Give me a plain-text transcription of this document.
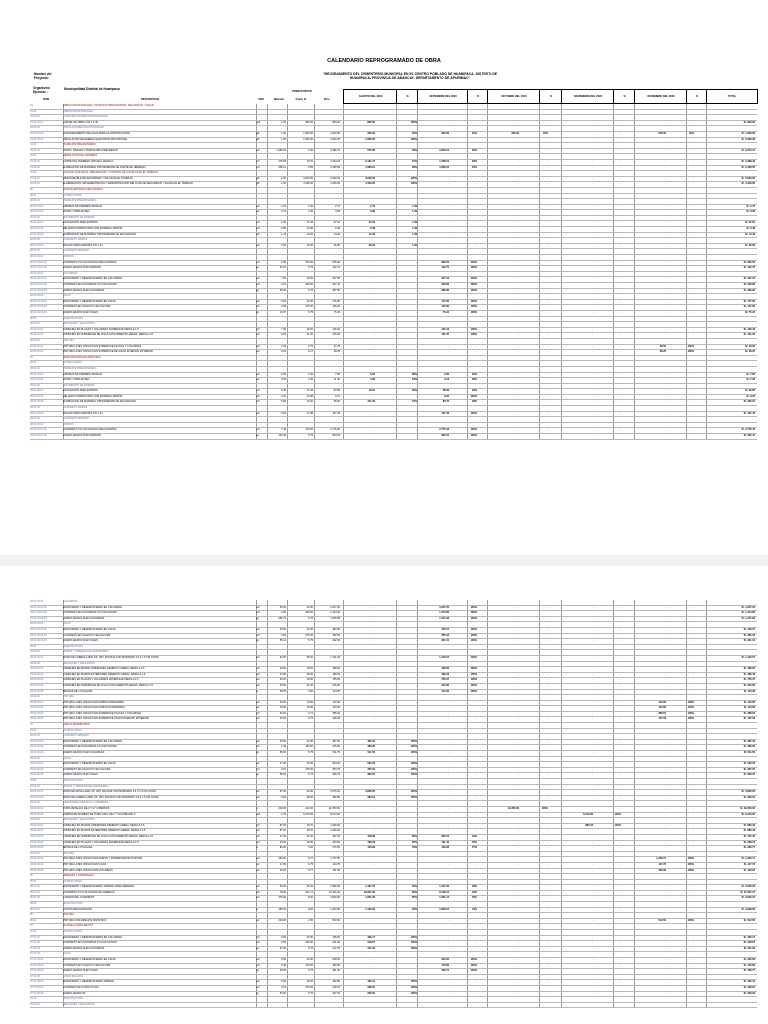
CALENDARIO REPROGRAMADO DE OBRA
Nombre del Proyecto:
Organismo Ejecutor :
Municipalidad Distrital de Huanipaca
"MEJORAMIENTO DEL CEMENTERIO MUNICIPAL EN EL CENTRO POBLADO DE HUANIPACA- DISTRITO DE
HUANIPACA- PROVINCIA DE ABANCAY- DEPARTAMENTO DE APURÍMAC"
ITEM	DESCRIPCION	UND
PRESUPUESTO
Metrado	P.unit. S/	Parc.
AGOSTO DEL 2023	%	SETIEMBRE DEL 2023	%	OCTUBRE DEL 2023	%	NOVIEMBRE DEL 2023	%	DICIEMBRE DEL 2023	%	TOTAL
01	OBRAS PROVISIONALES, TRABAJOS PRELIMINARES, SEGURIDAD Y SALUD
01.01	OBRAS PROVISIONALES
01.01.01	CONSTRUCCIONES PROVISIONALES
01.01.01.01	CARTEL DE OBRA 3.60 X 2.40	und	1.00	860.00	860.00	860.00	100%	-	-	-	-	-	-	-	-	S/. 860.00
01.01.02	INSTALACIONES PROVISIONALES
01.01.02.01	ALMACENAMIENTO DE AGUA PARA LA CONSTRUCCION	glb	1.00	1,600.00	1,600.00	320.00	20%	320.00	20%	320.00	20%	-	-	640.00	40%	S/. 1,600.00
01.01.02.02	INSTALACION DE ENERGIA ELECTRICA PROVISIONAL	glb	1.00	2,300.00	2,300.00	2,300.00	100%	-	-	-	-	-	-	-	-	S/. 2,300.00
01.02	TRABAJOS PRELIMINARES
01.02.01	TRAZO, NIVELES Y REPLANTEO PRELIMINAR	m2	1,682.52	1.90	3,196.79	575.68	18%	2,304.15	60%	-	-	-	-	-	-	S/. 3,374.12
01.03	DEMOLICION DEL TERRENO
01.03.01	CORTE DEL TERRENO NATURAL MANUAL	m3	276.69	15.70	4,344.03	3,131.27	72%	1,208.51	28%	-	-	-	-	-	-	S/. 4,388.46
01.03.02	ELIMINACION DE MATERIAL PROVENIENTE DE CORTE DE TERRENO	m3	359.01	9.55	3,428.55	1,666.61	48%	1,809.15	52%	-	-	-	-	-	-	S/. 3,428.55
01.04	PLAN DE VIGILANCIA, PREVENCION Y CONTROL DE COVID-19 EN EL TRABAJO
01.04.01	RESPONSABLE DE SEGURIDAD Y SALUD EN EL TRABAJO	glb	1.00	3,000.00	3,000.00	3,000.00	100%	-	-	-	-	-	-	-	-	S/. 3,000.00
01.04.02	ELABORACION, IMPLEMENTACION Y ADMINISTRACION DEL PLAN DE SEGURIDAD Y SALUD EN EL TRABAJO	glb	1.00	4,446.00	4,446.00	4,446.00	100%	-	-	-	-	-	-	-	-	S/. 4,446.00
02	MOD DE ENTRADA SECUNDARIO
02.01	ESTRUCTURAS
02.01.01	TRABAJOS PRELIMINARES
02.01.01.01	LIMPIEZA DE TERRENO MANUAL	m2	2.10	1.30	2.73	2.73	1.00	-	-	-	-	-	-	-	-	S/. 2.73
02.01.01.02	TRAZO Y REPLANTEO	m2	2.10	1.90	3.99	3.99	1.00	-	-	-	-	-	-	-	-	S/. 3.99
02.01.02	MOVIMIENTO DE TIERRAS
02.01.02.01	EXCAVACION PARA ZAPATAS	m3	1.60	17.38	27.81	27.81	1.00	-	-	-	-	-	-	-	-	S/. 27.81
02.01.02.02	RELLENO COMPACTADO CON MATERIAL PROPIO	m3	0.50	12.96	6.48	6.48	1.00	-	-	-	-	-	-	-	-	S/. 6.48
02.01.02.03	ELIMINACION DE MATERIAL PROVENIENTE DE EXCAVACION	m3	1.44	10.00	14.40	14.40	1.00	-	-	-	-	-	-	-	-	S/. 14.40
02.01.03	CONCRETO SIMPLE
02.01.03.01	SOLADO PARA ZAPATAS C/H 1:10	m2	2.00	33.00	66.00	66.00	1.00	-	-	-	-	-	-	-	-	S/. 66.00
02.01.04	CONCRETO ARMADO
02.01.04.01	ZAPATAS
02.01.04.01.01	CONCRETO F'C=210 KG/CM2 PARA ZAPATAS	m3	1.80	375.00	675.00	-	-	680.50	100%	-	-	-	-	-	-	S/. 680.50
02.01.04.01.02	ACERO GRADO 60 EN ZAPATAS	kg	23.01	5.75	132.31	-	-	132.75	100%	-	-	-	-	-	-	S/. 132.75
02.01.04.02	COLUMNAS
02.01.04.02.01	ENCOFRADO Y DESENCOFRADO EN COLUMNAS	m2	7.00	32.50	227.50	-	-	227.34	100%	-	-	-	-	-	-	S/. 227.34
02.01.04.02.02	CONCRETO EN COLUMNAS F'C=210 KG/CM2	m3	0.61	340.00	207.40	-	-	209.89	100%	-	-	-	-	-	-	S/. 209.89
02.01.04.02.03	ACERO GRADO 60 EN COLUMNAS	kg	50.00	5.75	287.50	-	-	286.90	100%	-	-	-	-	-	-	S/. 286.90
02.01.04.03	VIGAS
02.01.04.03.01	ENCOFRADO Y DESENCOFRADO EN VIGAS	m2	5.50	32.00	176.00	-	-	177.65	100%	-	-	-	-	-	-	S/. 177.65
02.01.04.03.02	CONCRETO EN VIGAS F'C=210 KG/CM2	m3	0.39	375.00	146.25	-	-	147.85	100%	-	-	-	-	-	-	S/. 147.85
02.01.04.03.03	ACERO GRADO 60 EN VIGAS	kg	13.07	5.75	75.15	-	-	75.22	100%	-	-	-	-	-	-	S/. 75.22
02.02	ARQUITECTURA
02.02.01	REVOQUES Y ENLUCIDOS
02.02.01.01	TARRAJEO EN PLACAS Y COLUMNAS SUPERFICIE MEZCLA 1:5	m2	7.00	18.00	126.00	-	-	126.43	100%	-	-	-	-	-	-	S/. 126.43
02.02.01.02	TARRAJEO EN SUPERFICIE DE VIGAS CON CEMENTO-ARENA, MEZCLA 1:5	m2	6.20	21.00	130.20	-	-	131.25	100%	-	-	-	-	-	-	S/. 131.25
02.02.02	PINTURA
02.02.02.01	PINTURA LATEX VINILICO EN SUPERFICIE PLACAS Y COLUMNAS	m2	7.00	6.75	47.25	-	-	-	-	-	-	-	-	48.50	100%	S/. 48.50
02.02.02.02	PINTURA LATEX VINILICO EN SUPERFICIE DE VIGAS INTERIOR, EXTERIOR	m2	6.20	6.17	38.25	-	-	-	-	-	-	-	-	38.25	100%	S/. 38.25
03	MURO DE ENTRADA PRINCIPAL
03.01	ESTRUCTURAS
03.01.01	TRABAJOS PRELIMINARES
03.01.01.01	LIMPIEZA DE TERRENO MANUAL	m2	6.00	1.30	7.80	5.52	68%	2.60	32%	-	-	-	-	-	-	S/. 7.80
03.01.01.02	TRAZO Y REPLANTEO	m2	6.00	1.90	11.40	4.65	61%	2.18	39%	-	-	-	-	-	-	S/. 7.28
03.01.02	MOVIMIENTO DE TIERRAS
03.01.02.01	EXCAVACION PARA ZAPATAS	m3	5.40	17.38	93.85	18.91	36%	38.66	64%	-	-	-	-	-	-	S/. 93.85
03.01.02.02	RELLENO COMPACTADO CON MATERIAL PROPIO	m3	0.70	12.96	9.07	-	-	9.25	100%	-	-	-	-	-	-	S/. 9.25
03.01.02.03	ELIMINACION DE MATERIAL PROVENIENTE DE EXCAVACION	m3	5.84	10.00	58.40	211.29	72%	80.72	28%	-	-	-	-	-	-	S/. 292.01
03.01.03	CONCRETO SIMPLE
03.01.03.01	SOLADO PARA ZAPATAS C/H 1:10	m2	6.00	17.88	107.28	-	-	107.43	100%	-	-	-	-	-	-	S/. 107.43
03.01.04	CONCRETO ARMADO
03.01.04.01	ZAPATAS
03.01.04.01.01	CONCRETO F'C=210 KG/CM2 PARA ZAPATAS	m3	7.40	375.00	2,775.00	-	-	2,775.43	100%	-	-	-	-	-	-	S/. 2,775.43
03.01.04.01.02	ACERO GRADO 60 EN ZAPATAS	kg	115.45	5.75	663.84	-	-	665.41	100%	-	-	-	-	-	-	S/. 665.41
03.01.04.02	COLUMNAS
03.01.04.02.01	ENCOFRADO Y DESENCOFRADO EN COLUMNAS	m2	56.00	32.50	1,817.00	-	-	1,817.25	100%	-	-	-	-	-	-	S/. 1,817.25
03.01.04.02.02	CONCRETO EN COLUMNAS F'C=210 KG/CM2	m3	3.60	340.00	1,224.00	-	-	1,474.85	100%	-	-	-	-	-	-	S/. 1,474.85
03.01.04.02.03	ACERO GRADO 60 EN COLUMNAS	kg	282.71	5.75	1,625.58	-	-	1,471.83	100%	-	-	-	-	-	-	S/. 1,471.83
03.01.04.03	VIGAS
03.01.04.03.01	ENCOFRADO Y DESENCOFRADO EN VIGAS	m2	15.00	32.00	480.00	-	-	479.27	100%	-	-	-	-	-	-	S/. 479.27
03.01.04.03.02	CONCRETO EN VIGAS F'C=210 KG/CM2	m3	0.94	375.00	352.50	-	-	355.34	100%	-	-	-	-	-	-	S/. 355.34
03.01.04.03.03	ACERO GRADO 60 EN VIGAS	kg	56.11	5.75	322.63	-	-	321.10	100%	-	-	-	-	-	-	S/. 321.10
03.02	ARQUITECTURA
03.02.01	MUROS Y TABIQUES DE ALBAÑILERIA
03.02.01.01	MURO DE CABEZA LADR. KK. 18H. 9X13X24 CON MORTERO 1:5 X 1.5 CM JUNTA	m2	32.60	35.00	1,141.00	-	-	1,140.57	100%	-	-	-	-	-	-	S/. 1,140.57
03.02.02	REVOQUES Y ENLUCIDOS
03.02.02.01	TARRAJEO EN MUROS INTERIORES CEMENTO-ARENA, MEZCLA 1:5	m2	10.50	18.00	189.00	-	-	189.65	100%	-	-	-	-	-	-	S/. 189.65
03.02.02.02	TARRAJEO EN MUROS EXTERIORES CEMENTO-ARENA, MEZCLA 1:5	m2	10.50	18.00	189.00	-	-	189.43	100%	-	-	-	-	-	-	S/. 189.43
03.02.02.03	TARRAJEO EN PLACAS Y COLUMNAS SUPERFICIE MEZCLA 1:5	m2	40.00	18.90	756.00	-	-	755.37	100%	-	-	-	-	-	-	S/. 755.37
03.02.02.04	TARRAJEO EN SUPERFICIE DE VIGAS CON CEMENTO-ARENA, MEZCLA 1:5	m2	15.00	21.00	315.00	-	-	315.95	100%	-	-	-	-	-	-	S/. 315.95
03.02.02.05	BRUÑAS DE 1 PULGADA	m	38.00	3.00	114.00	-	-	114.00	100%	-	-	-	-	-	-	S/. 114.00
03.02.03	PINTURA
03.02.03.01	PINTURA LATEX VINILICO EN MUROS INTERIORES	m2	10.50	10.80	113.40	-	-	-	-	-	-	-	-	113.66	100%	S/. 113.66
03.02.03.02	PINTURA LATEX VINILICO EN MUROS EXTERIORES	m2	10.50	10.80	113.40	-	-	-	-	-	-	-	-	113.66	100%	S/. 113.66
03.02.03.03	PINTURA LATEX VINILICO EN SUPERFICIE PLACAS Y COLUMNAS	m2	40.00	9.71	388.40	-	-	-	-	-	-	-	-	388.54	100%	S/. 388.54
03.02.03.04	PINTURA LATEX VINILICO EN SUPERFICIE VIGAS INTERIOR, EXTERIOR	m2	15.00	9.75	146.25	-	-	-	-	-	-	-	-	147.03	100%	S/. 147.03
04	CERCO PERIMETRICO
04.01	ESTRUCTURAS
04.01.01	CONCRETO ARMADO
04.01.01.01	ENCOFRADO Y DESENCOFRADO EN COLUMNAS	m2	15.00	32.50	487.50	487.34	100%	-	-	-	-	-	-	-	-	S/. 487.34
04.01.01.02	CONCRETO EN COLUMNAS F'C=210 KG/CM2	m3	1.40	340.00	476.00	480.00	100%	-	-	-	-	-	-	-	-	S/. 480.00
04.01.01.03	ACERO GRADO 60 EN COLUMNAS	kg	89.00	5.75	511.75	511.50	100%	-	-	-	-	-	-	-	-	S/. 511.50
04.01.02	VIGAS
04.01.02.01	ENCOFRADO Y DESENCOFRADO EN VIGAS	m2	17.00	32.00	544.00	533.78	100%	-	-	-	-	-	-	-	-	S/. 533.78
04.01.02.02	CONCRETO EN VIGAS F'C=210 KG/CM2	m3	0.81	375.00	303.75	307.97	100%	-	-	-	-	-	-	-	-	S/. 307.97
04.01.02.03	ACERO GRADO 60 EN VIGAS	kg	69.00	5.75	396.75	390.37	100%	-	-	-	-	-	-	-	-	S/. 390.37
04.02	ARQUITECTURA
04.02.01	MUROS Y TABIQUES DE ALBAÑILERIA
04.02.01.01	MURO DE SOGA LADR. KK. 18H. 9X13X24 CON MORTERO 1:5 X 1.5 CM JUNTA	m2	87.00	52.60	4,576.20	4,605.25	100%	-	-	-	-	-	-	-	-	S/. 4,605.25
04.02.01.02	MURO DE CABEZA LADR. KK. 18H. 9X13X24 CON MORTERO 1:5 X 1.5 CM JUNTA	m2	5.60	68.00	380.80	384.61	100%	-	-	-	-	-	-	-	-	S/. 384.61
04.02.02	CARPINTERIA METALICA Y HERRERIA
04.02.02.01	TUBO METALICO DE 4" X 4" C/PERNOS	m	200.00	212.00	42,350.00	-	-	-	-	42,350.00	100%	-	-	-	-	S/. 42,350.00
04.02.02.02	PUERTA DE INGRESO DE TUBO GALV. DE 2" Y PLATINA DE 1"	und	1.00	8,213.00	8,213.00	-	-	-	-	-	-	8,213.00	100%	-	-	S/. 8,213.00
04.02.03	REVOQUES Y ENLUCIDOS
04.02.03.01	TARRAJEO EN MUROS INTERIORES CEMENTO-ARENA, MEZCLA 1:5	m2	87.00	18.70	1,626.90	-	-	-	-	-	-	880.43	100%	-	-	S/. 880.43
04.02.03.02	TARRAJEO EN MUROS EXTERIORES CEMENTO-ARENA, MEZCLA 1:5	m2	87.00	18.70	1,626.90	-	-	-	-	-	-	-	-	-	-	S/. 880.43
04.02.03.03	TARRAJEO EN SUPERFICIE DE VIGAS CON CEMENTO-ARENA, MEZCLA 1:5	m2	17.00	21.00	357.00	418.98	58%	308.47	42%	-	-	-	-	-	-	S/. 727.45
04.02.03.04	TARRAJEO EN PLACAS Y COLUMNAS SUPERFICIE MEZCLA 1:5	m2	15.00	18.90	283.50	158.29	55%	131.43	45%	-	-	-	-	-	-	S/. 289.72
04.02.03.05	BRUÑAS DE 1 PULGADA	m	90.00	3.00	270.00	123.69	43%	160.08	57%	-	-	-	-	-	-	S/. 283.77
04.02.04	PINTURA
04.02.04.01	PINTURA LATEX VINILICO EN MUROS Y SUPERFICIE DE FACHADA	m2	180.00	9.71	1,747.80	-	-	-	-	-	-	-	-	1,209.71	100%	S/. 1,209.71
04.02.04.02	PINTURA LATEX VINILICO EN VIGAS	m2	17.00	6.75	114.75	-	-	-	-	-	-	-	-	117.76	100%	S/. 117.76
04.02.04.03	PINTURA LATEX VINILICO EN COLUMNAS	m2	15.00	8.77	131.55	-	-	-	-	-	-	-	-	133.05	100%	S/. 133.05
05	VEREDAS Y SARDINELES
05.01	ESTRUCTURAS
05.01.01	ENCOFRADO Y DESENCOFRADO NORMAL PARA VEREDAS	m2	60.00	26.00	1,560.00	1,107.79	52%	1,417.50	48%	-	-	-	-	-	-	S/. 2,525.29
05.01.02	CONCRETO F'C=175 KG/CM2 EN VEREDAS	m3	78.60	421.71	33,146.40	18,811.00	55%	8,416.27	45%	-	-	-	-	-	-	S/. 27,227.27
05.01.03	CURADO DEL CONCRETO	m2	375.00	8.00	3,000.00	1,651.25	55%	1,351.12	45%	-	-	-	-	-	-	S/. 3,002.37
05.02	ARQUITECTURA
05.02.01	JUNTAS DE DILATACION	m	180.00	8.00	1,440.00	1,150.63	56%	1,848.37	44%	-	-	-	-	-	-	S/. 2,999.00
06	PINTURA
06.01	PINTURA CON ESMALTE SINTETICO	m2	200.00	2.50	500.00	-	-	-	-	-	-	-	-	512.50	100%	S/. 512.50
07	PLAZUELA MONUMENTO
07.01	ESTRUCTURAS
07.01.01	ENCOFRADO Y DESENCOFRADO EN COLUMNAS	m2	6.00	32.50	195.00	195.17	100%	-	-	-	-	-	-	-	-	S/. 195.17
07.01.02	CONCRETO EN COLUMNAS F'C=210 KG/CM2	m3	0.65	340.00	221.00	218.97	100%	-	-	-	-	-	-	-	-	S/. 218.97
07.01.03	ACERO GRADO 60 EN COLUMNAS	kg	37.00	5.75	212.75	211.29	100%	-	-	-	-	-	-	-	-	S/. 211.29
07.01.04	VIGAS
07.01.04.01	ENCOFRADO Y DESENCOFRADO EN VIGAS	m2	6.50	32.00	208.00	-	-	202.65	100%	-	-	-	-	-	-	S/. 202.65
07.01.04.02	CONCRETO EN VIGAS F'C=210 KG/CM2	m3	0.48	375.00	180.00	-	-	176.80	100%	-	-	-	-	-	-	S/. 176.80
07.01.04.03	ACERO GRADO 60 EN VIGAS	kg	28.00	5.75	161.00	-	-	160.77	100%	-	-	-	-	-	-	S/. 160.77
07.01.05	LOSAS MACIZAS
07.01.05.01	ENCOFRADO Y DESENCOFRADO NORMAL	m2	6.50	25.00	162.50	162.12	100%	-	-	-	-	-	-	-	-	S/. 162.12
07.01.05.02	CONCRETO EN LOSA F'C=210	m3	0.61	375.00	228.75	228.91	100%	-	-	-	-	-	-	-	-	S/. 228.91
07.01.05.03	ACERO GRADO 60	kg	36.00	5.75	207.00	209.06	100%	-	-	-	-	-	-	-	-	S/. 209.06
07.02	ARQUITECTURA
07.02.01	REVOQUES Y ENLUCIDOS
